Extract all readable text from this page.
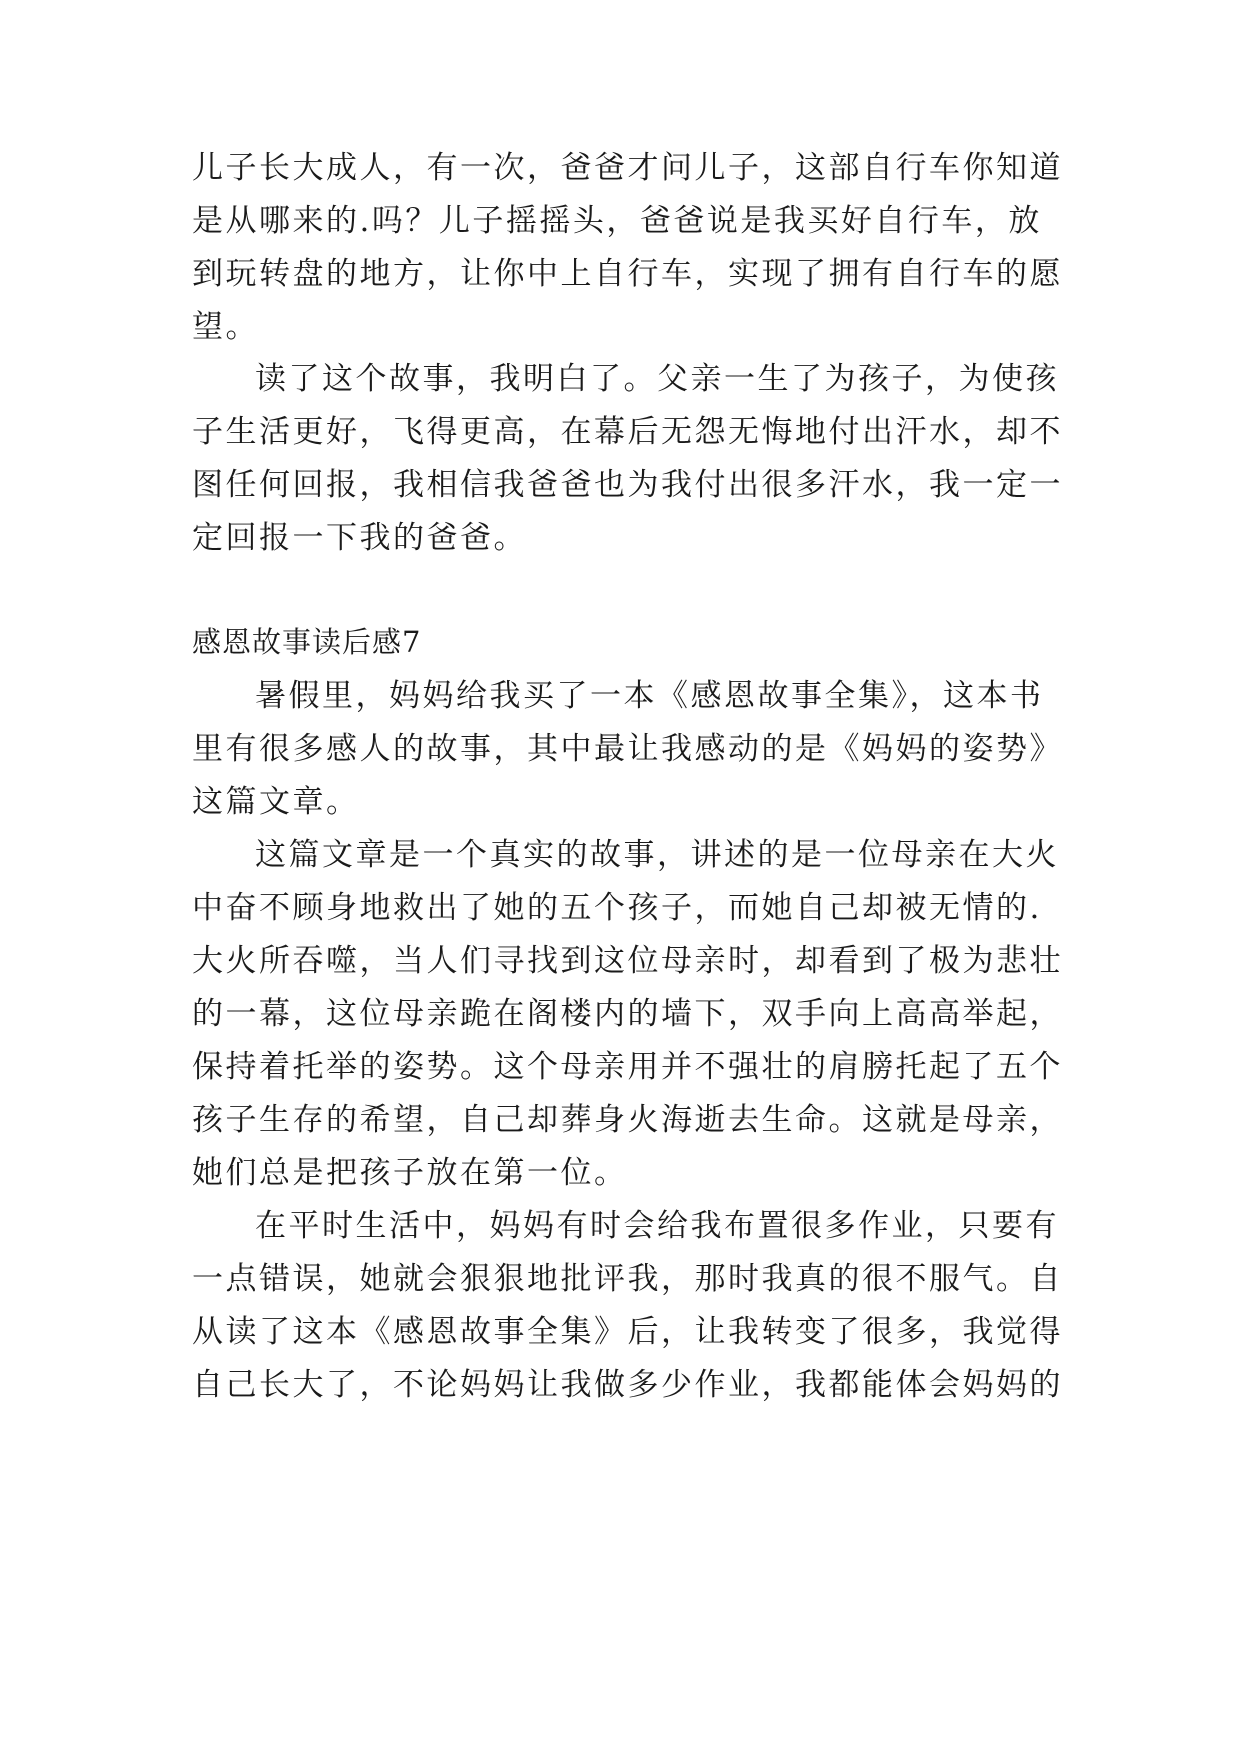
儿子长大成人，有一次，爸爸才问儿子，这部自行车你知道
是从哪来的.吗？儿子摇摇头，爸爸说是我买好自行车，放
到玩转盘的地方，让你中上自行车，实现了拥有自行车的愿
望。
读了这个故事，我明白了。父亲一生了为孩子，为使孩
子生活更好，飞得更高，在幕后无怨无悔地付出汗水，却不
图任何回报，我相信我爸爸也为我付出很多汗水，我一定一
定回报一下我的爸爸。
感恩故事读后感7
暑假里，妈妈给我买了一本《感恩故事全集》，这本书
里有很多感人的故事，其中最让我感动的是《妈妈的姿势》
这篇文章。
这篇文章是一个真实的故事，讲述的是一位母亲在大火
中奋不顾身地救出了她的五个孩子，而她自己却被无情的.
大火所吞噬，当人们寻找到这位母亲时，却看到了极为悲壮
的一幕，这位母亲跪在阁楼内的墙下，双手向上高高举起，
保持着托举的姿势。这个母亲用并不强壮的肩膀托起了五个
孩子生存的希望，自己却葬身火海逝去生命。这就是母亲，
她们总是把孩子放在第一位。
在平时生活中，妈妈有时会给我布置很多作业，只要有
一点错误，她就会狠狠地批评我，那时我真的很不服气。自
从读了这本《感恩故事全集》后，让我转变了很多，我觉得
自己长大了，不论妈妈让我做多少作业，我都能体会妈妈的
